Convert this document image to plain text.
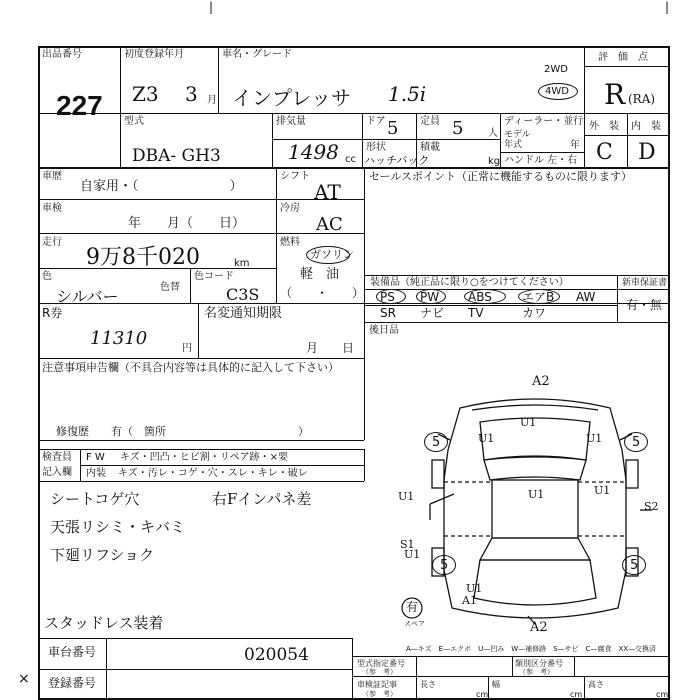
|	|
×
出品番号
227
初度登録年月
Z3 3 月
車名・グレード
インプレッサ 1.5i
2WD
4WD
評　価　点
R (RA)
型式
DBA- GH3
排気量
1498 cc
ドア 5 定員 5 人
形状
ハッチバック
積載
kg
ディーラー・並行
モデル
年式	年
ハンドル 左・右
外　装 内　装
C D
車歴
自家用・（　　　　　　　）
車検
年　　月（　　日）
走行
9万8千020	km
色
シルバー	色替
色コード
C3S
シフト
AT
冷房
AC
燃料
ガソリン
軽　油
（　　・　　）
R券
11310	円
名変通知期限
月　　日
セールスポイント（正常に機能するものに限ります）
装備品（純正品に限り○をつけてください）	新車保証書
有・無
PS PW ABS	エアB AW
SR ナビ TV	カワ
後日品
注意事項申告欄（不具合内容等は具体的に記入して下さい）
修復歴　　有（　箇所　　　　　　　　　　　　）
検査員
記入欄
F W キズ・凹凸・ヒビ割・リペア跡・×要
内装 キズ・汚レ・コゲ・穴・スレ・キレ・破レ
シートコゲ穴	右Fインパネ差
天張リシミ・キバミ
下廻リフショク
スタッドレス装着
A2
A2
U1
U1
U1
U1	U1
U1
U1
U1
S1
S2
A1
5	5
5	5
有
スペア
A—キズ　E—エクボ　U—凹み　W—補修跡　S—サビ　C—腐食　XX—交換済
車台番号	020054
登録番号
型式指定番号
（参　考）
類別区分番号
（参　考）
車検証記事
（参　考）
長さ
cm
幅
cm
高さ
cm
